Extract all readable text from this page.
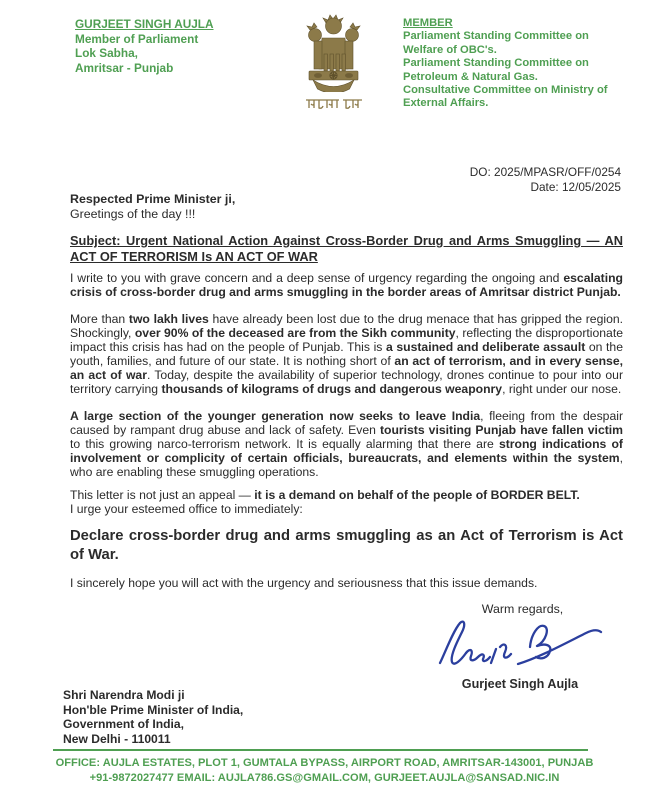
GURJEET SINGH AUJLA
Member of Parliament
Lok Sabha,
Amritsar - Punjab

MEMBER
Parliament Standing Committee on
Welfare of OBC's.
Parliament Standing Committee on
Petroleum & Natural Gas.
Consultative Committee on Ministry of
External Affairs.
DO: 2025/MPASR/OFF/0254
Date: 12/05/2025
Respected Prime Minister ji,
Greetings of the day !!!
Subject: Urgent National Action Against Cross-Border Drug and Arms Smuggling — AN ACT OF TERRORISM Is AN ACT OF WAR
I write to you with grave concern and a deep sense of urgency regarding the ongoing and escalating crisis of cross-border drug and arms smuggling in the border areas of Amritsar district Punjab.
More than two lakh lives have already been lost due to the drug menace that has gripped the region. Shockingly, over 90% of the deceased are from the Sikh community, reflecting the disproportionate impact this crisis has had on the people of Punjab. This is a sustained and deliberate assault on the youth, families, and future of our state. It is nothing short of an act of terrorism, and in every sense, an act of war. Today, despite the availability of superior technology, drones continue to pour into our territory carrying thousands of kilograms of drugs and dangerous weaponry, right under our nose.
A large section of the younger generation now seeks to leave India, fleeing from the despair caused by rampant drug abuse and lack of safety. Even tourists visiting Punjab have fallen victim to this growing narco-terrorism network. It is equally alarming that there are strong indications of involvement or complicity of certain officials, bureaucrats, and elements within the system, who are enabling these smuggling operations.
This letter is not just an appeal — it is a demand on behalf of the people of BORDER BELT.
I urge your esteemed office to immediately:
Declare cross-border drug and arms smuggling as an Act of Terrorism is Act of War.
I sincerely hope you will act with the urgency and seriousness that this issue demands.
Warm regards,
Gurjeet Singh Aujla
Shri Narendra Modi ji
Hon'ble Prime Minister of India,
Government of India,
New Delhi - 110011
OFFICE: AUJLA ESTATES, PLOT 1, GUMTALA BYPASS, AIRPORT ROAD, AMRITSAR-143001, PUNJAB
+91-9872027477 EMAIL: AUJLA786.GS@GMAIL.COM, GURJEET.AUJLA@SANSAD.NIC.IN
